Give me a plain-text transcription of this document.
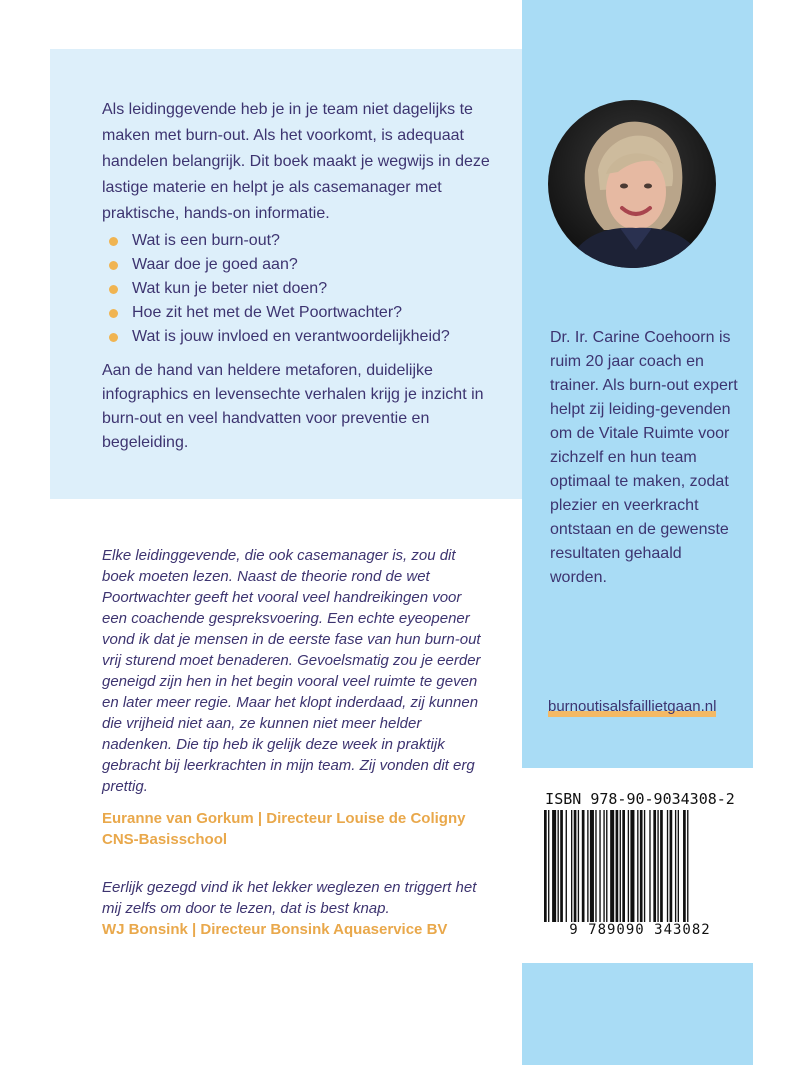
Als leidinggevende heb je in je team niet dagelijks te maken met burn-out. Als het voorkomt, is adequaat handelen belangrijk. Dit boek maakt je wegwijs in deze lastige materie en helpt je als casemanager met praktische, hands-on informatie.

Wat is een burn-out?
Waar doe je goed aan?
Wat kun je beter niet doen?
Hoe zit het met de Wet Poortwachter?
Wat is jouw invloed en verantwoordelijkheid?

Aan de hand van heldere metaforen, duidelijke infographics en levensechte verhalen krijg je inzicht in burn-out en veel handvatten voor preventie en begeleiding.

Dr. Ir. Carine Coehoorn is ruim 20 jaar coach en trainer. Als burn-out expert helpt zij leiding-gevenden om de Vitale Ruimte voor zichzelf en hun team optimaal te maken, zodat plezier en veerkracht ontstaan en de gewenste resultaten gehaald worden.

burnoutisalsfaillietgaan.nl

Elke leidinggevende, die ook casemanager is, zou dit boek moeten lezen. Naast de theorie rond de wet Poortwachter geeft het vooral veel handreikingen voor een coachende gespreksvoering. Een echte eyeopener vond ik dat je mensen in de eerste fase van hun burn-out vrij sturend moet benaderen. Gevoelsmatig zou je eerder geneigd zijn hen in het begin vooral veel ruimte te geven en later meer regie. Maar het klopt inderdaad, zij kunnen die vrijheid niet aan, ze kunnen niet meer helder nadenken. Die tip heb ik gelijk deze week in praktijk gebracht bij leerkrachten in mijn team. Zij vonden dit erg prettig.

Euranne van Gorkum | Directeur Louise de Coligny CNS-Basisschool

Eerlijk gezegd vind ik het lekker weglezen en triggert het mij zelfs om door te lezen, dat is best knap.

WJ Bonsink | Directeur Bonsink Aquaservice BV

ISBN 978-90-9034308-2
9 789090 343082
